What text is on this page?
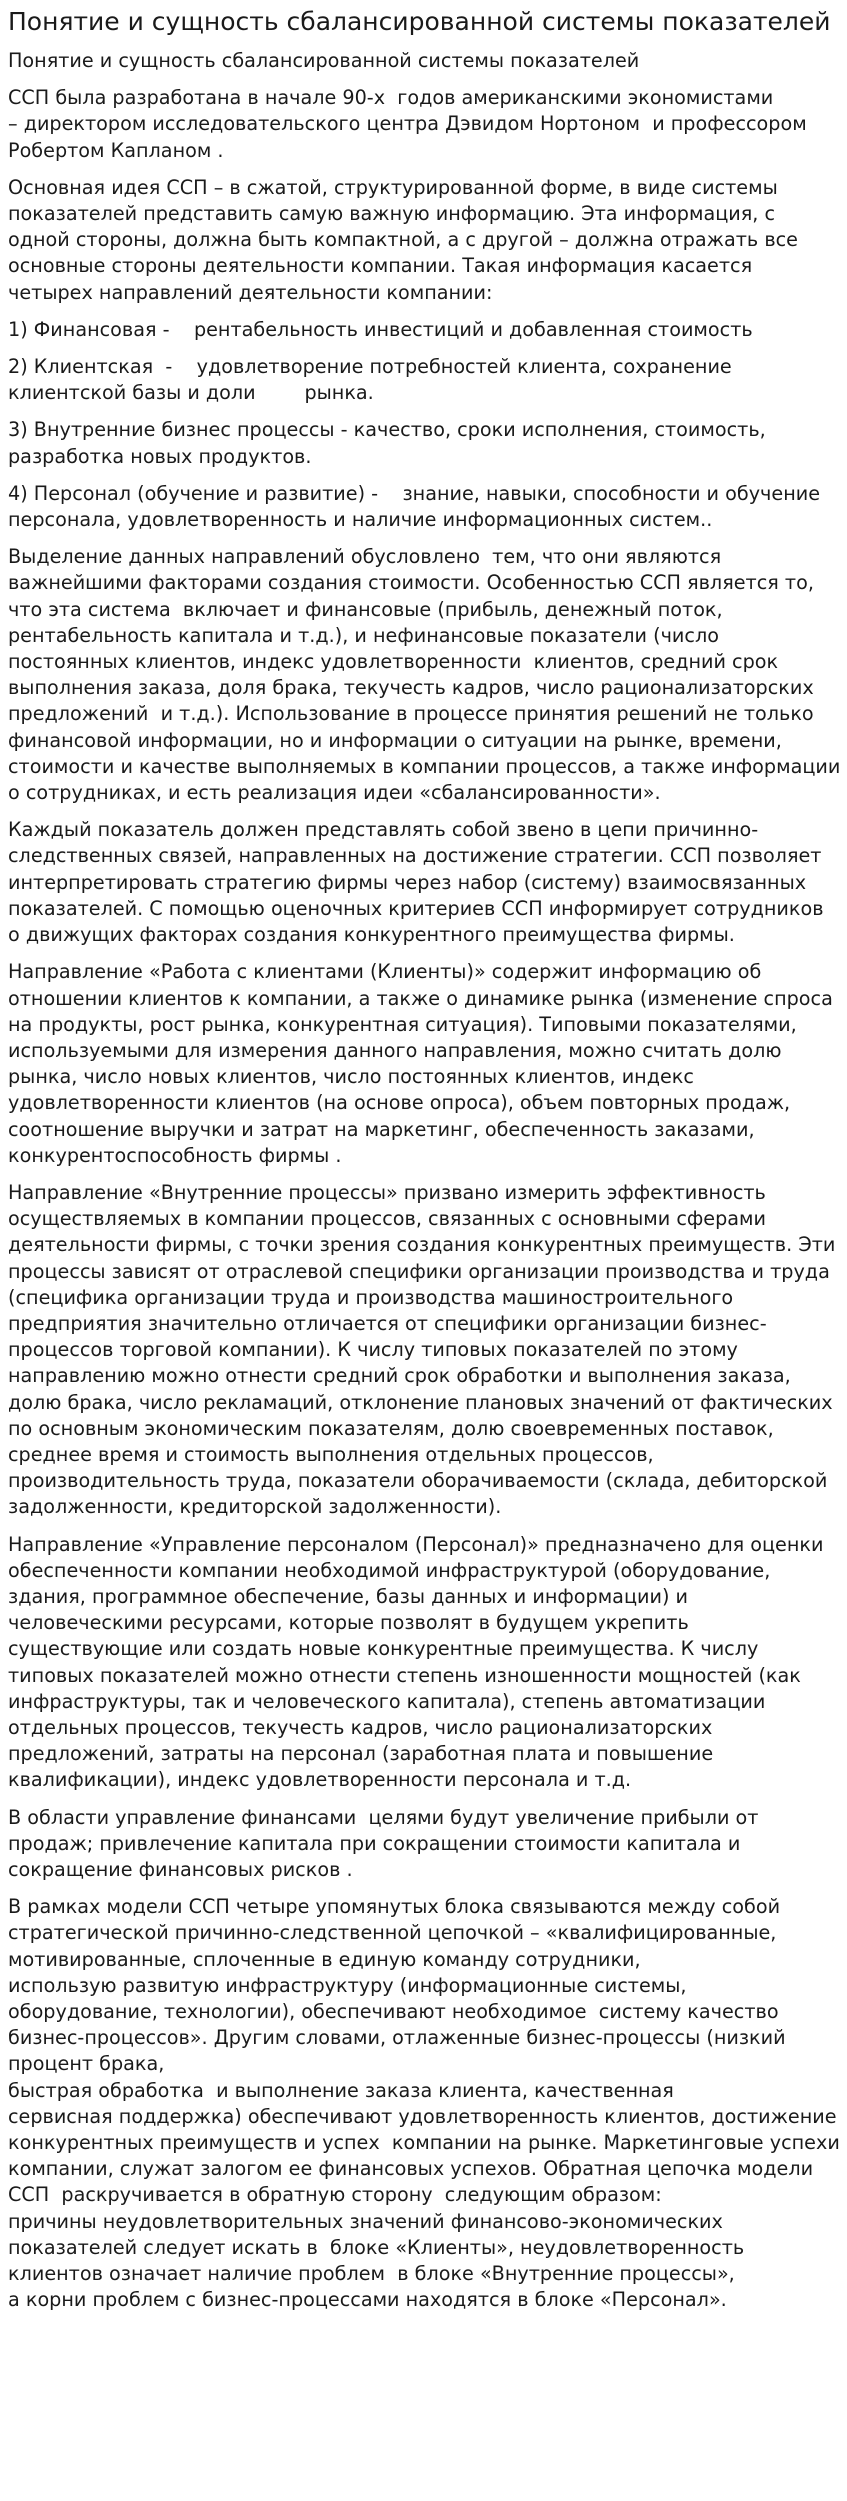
Понятие и сущность сбалансированной системы показателей

Понятие и сущность сбалансированной системы показателей

ССП была разработана в начале 90-х  годов американскими экономистами
– директором исследовательского центра Дэвидом Нортоном  и профессором
Робертом Капланом .

Основная идея ССП – в сжатой, структурированной форме, в виде системы показателей представить самую важную информацию. Эта информация, с одной стороны, должна быть компактной, а с другой – должна отражать все основные стороны деятельности компании. Такая информация касается четырех направлений деятельности компании:

1) Финансовая -    рентабельность инвестиций и добавленная стоимость

2) Клиентская  -    удовлетворение потребностей клиента, сохранение
клиентской базы и доли        рынка.

3) Внутренние бизнес процессы - качество, сроки исполнения, стоимость,
разработка новых продуктов.

4) Персонал (обучение и развитие) -    знание, навыки, способности и обучение персонала, удовлетворенность и наличие информационных систем..

Выделение данных направлений обусловлено  тем, что они являются важнейшими факторами создания стоимости. Особенностью ССП является то, что эта система  включает и финансовые (прибыль, денежный поток, рентабельность капитала и т.д.), и нефинансовые показатели (число постоянных клиентов, индекс удовлетворенности  клиентов, средний срок выполнения заказа, доля брака, текучесть кадров, число рационализаторских предложений  и т.д.). Использование в процессе принятия решений не только финансовой информации, но и информации о ситуации на рынке, времени, стоимости и качестве выполняемых в компании процессов, а также информации о сотрудниках, и есть реализация идеи «сбалансированности».

Каждый показатель должен представлять собой звено в цепи причинно-следственных связей, направленных на достижение стратегии. ССП позволяет интерпретировать стратегию фирмы через набор (систему) взаимосвязанных показателей. С помощью оценочных критериев ССП информирует сотрудников о движущих факторах создания конкурентного преимущества фирмы.

Направление «Работа с клиентами (Клиенты)» содержит информацию об отношении клиентов к компании, а также о динамике рынка (изменение спроса на продукты, рост рынка, конкурентная ситуация). Типовыми показателями, используемыми для измерения данного направления, можно считать долю рынка, число новых клиентов, число постоянных клиентов, индекс удовлетворенности клиентов (на основе опроса), объем повторных продаж, соотношение выручки и затрат на маркетинг, обеспеченность заказами, конкурентоспособность фирмы .

Направление «Внутренние процессы» призвано измерить эффективность осуществляемых в компании процессов, связанных с основными сферами деятельности фирмы, с точки зрения создания конкурентных преимуществ. Эти процессы зависят от отраслевой специфики организации производства и труда (специфика организации труда и производства машиностроительного предприятия значительно отличается от специфики организации бизнес-процессов торговой компании). К числу типовых показателей по этому направлению можно отнести средний срок обработки и выполнения заказа, долю брака, число рекламаций, отклонение плановых значений от фактических по основным экономическим показателям, долю своевременных поставок, среднее время и стоимость выполнения отдельных процессов, производительность труда, показатели оборачиваемости (склада, дебиторской задолженности, кредиторской задолженности).

Направление «Управление персоналом (Персонал)» предназначено для оценки обеспеченности компании необходимой инфраструктурой (оборудование, здания, программное обеспечение, базы данных и информации) и человеческими ресурсами, которые позволят в будущем укрепить существующие или создать новые конкурентные преимущества. К числу типовых показателей можно отнести степень изношенности мощностей (как инфраструктуры, так и человеческого капитала), степень автоматизации отдельных процессов, текучесть кадров, число рационализаторских предложений, затраты на персонал (заработная плата и повышение квалификации), индекс удовлетворенности персонала и т.д.

В области управление финансами  целями будут увеличение прибыли от продаж; привлечение капитала при сокращении стоимости капитала и сокращение финансовых рисков .

В рамках модели ССП четыре упомянутых блока связываются между собой стратегической причинно-следственной цепочкой – «квалифицированные, мотивированные, сплоченные в единую команду сотрудники,
использую развитую инфраструктуру (информационные системы, оборудование, технологии), обеспечивают необходимое  систему качество бизнес-процессов». Другим словами, отлаженные бизнес-процессы (низкий процент брака,
быстрая обработка  и выполнение заказа клиента, качественная
сервисная поддержка) обеспечивают удовлетворенность клиентов, достижение конкурентных преимуществ и успех  компании на рынке. Маркетинговые успехи компании, служат залогом ее финансовых успехов. Обратная цепочка модели ССП  раскручивается в обратную сторону  следующим образом:
причины неудовлетворительных значений финансово-экономических
показателей следует искать в  блоке «Клиенты», неудовлетворенность
клиентов означает наличие проблем  в блоке «Внутренние процессы»,
а корни проблем с бизнес-процессами находятся в блоке «Персонал».
